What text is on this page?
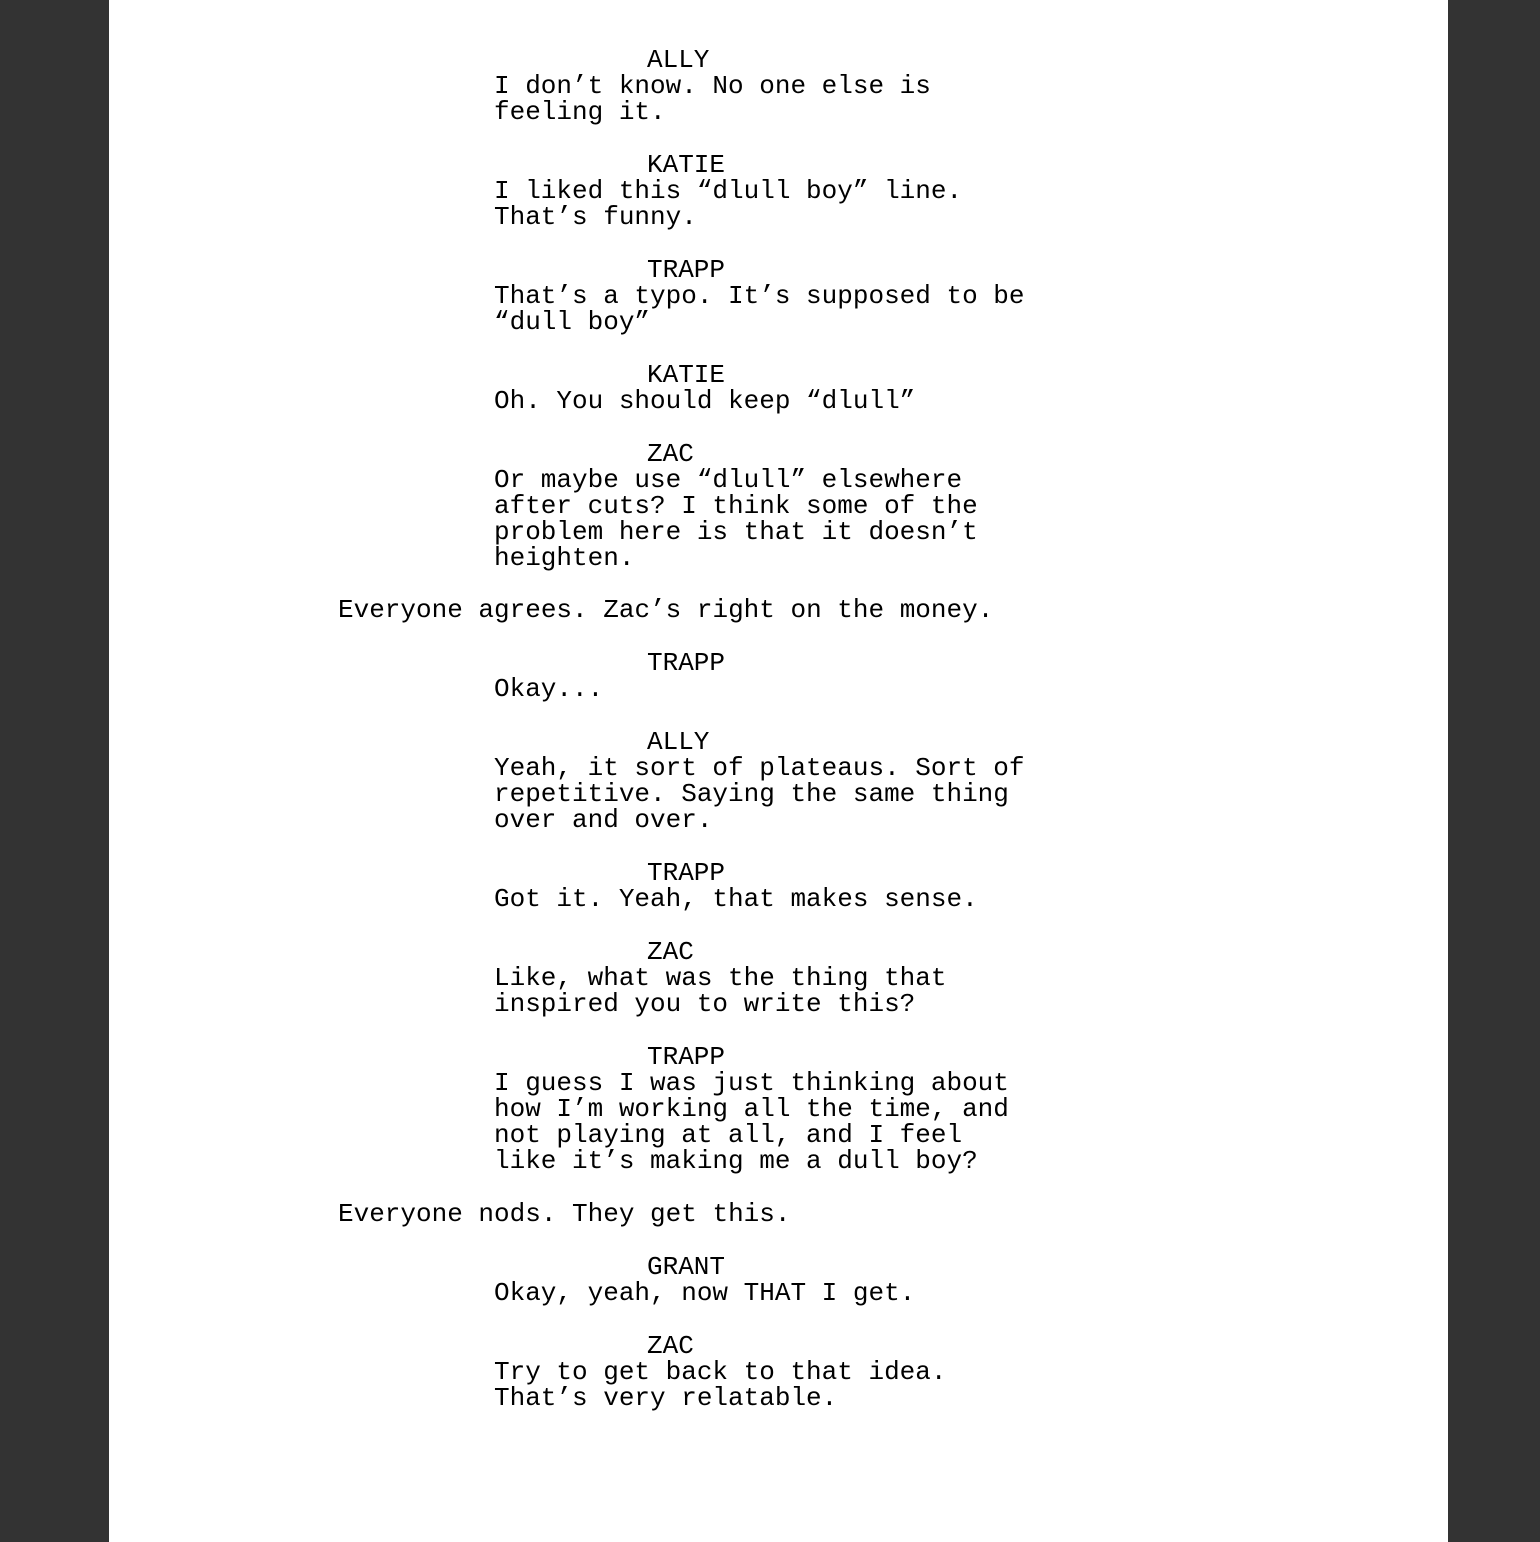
ALLY

I don’t know. No one else is

feeling it.

KATIE

I liked this “dlull boy” line.

That’s funny.

TRAPP

That’s a typo. It’s supposed to be

“dull boy”

KATIE

Oh. You should keep “dlull”

ZAC

Or maybe use “dlull” elsewhere

after cuts? I think some of the

problem here is that it doesn’t

heighten.

Everyone agrees. Zac’s right on the money.

TRAPP

Okay...

ALLY

Yeah, it sort of plateaus. Sort of

repetitive. Saying the same thing

over and over.

TRAPP

Got it. Yeah, that makes sense.

ZAC

Like, what was the thing that

inspired you to write this?

TRAPP

I guess I was just thinking about

how I’m working all the time, and

not playing at all, and I feel

like it’s making me a dull boy?

Everyone nods. They get this.

GRANT

Okay, yeah, now THAT I get.

ZAC

Try to get back to that idea.

That’s very relatable.
